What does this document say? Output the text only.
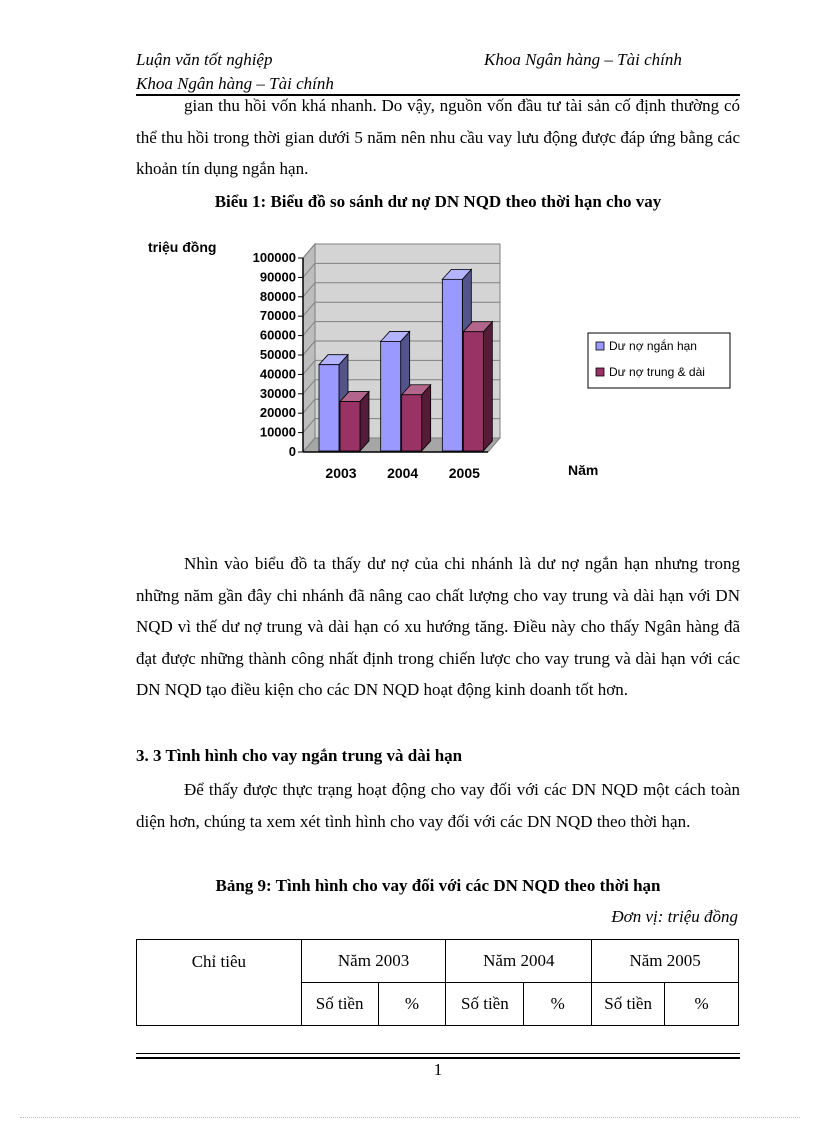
Luận văn tốt nghiệp
Khoa Ngân hàng – Tài chính
Khoa Ngân hàng – Tài chính

gian thu hồi vốn khá nhanh. Do vậy, nguồn vốn đầu tư tài sản cố định thường có thể thu hồi trong thời gian dưới 5 năm nên nhu cầu vay lưu động được đáp ứng bằng các khoản tín dụng ngắn hạn.

Biểu 1: Biểu đồ so sánh dư nợ DN NQD theo thời hạn cho vay

0
10000
20000
30000
40000
50000
60000
70000
80000
90000
100000
2003 2004 2005
triệu đồng
Năm
Dư nợ ngắn hạn
Dư nợ trung & dài

Nhìn vào biểu đồ ta thấy dư nợ của chi nhánh là dư nợ ngắn hạn nhưng trong những năm gần đây chi nhánh đã nâng cao chất lượng cho vay trung và dài hạn với DN NQD vì thế dư nợ trung và dài hạn có xu hướng tăng. Điều này cho thấy Ngân hàng đã đạt được những thành công nhất định trong chiến lược cho vay trung và dài hạn với các DN NQD tạo điều kiện cho các DN NQD hoạt động kinh doanh tốt hơn.

3. 3 Tình hình cho vay ngắn trung và dài hạn

Để thấy được thực trạng hoạt động cho vay đối với các DN NQD một cách toàn diện hơn, chúng ta xem xét tình hình cho vay đối với các DN NQD theo thời hạn.

Bảng 9: Tình hình cho vay đối với các DN NQD theo thời hạn

Đơn vị: triệu đồng
Chỉ tiêu	Năm 2003		Năm 2004		Năm 2005	
	Số tiền	%	Số tiền	%	Số tiền	%
1
